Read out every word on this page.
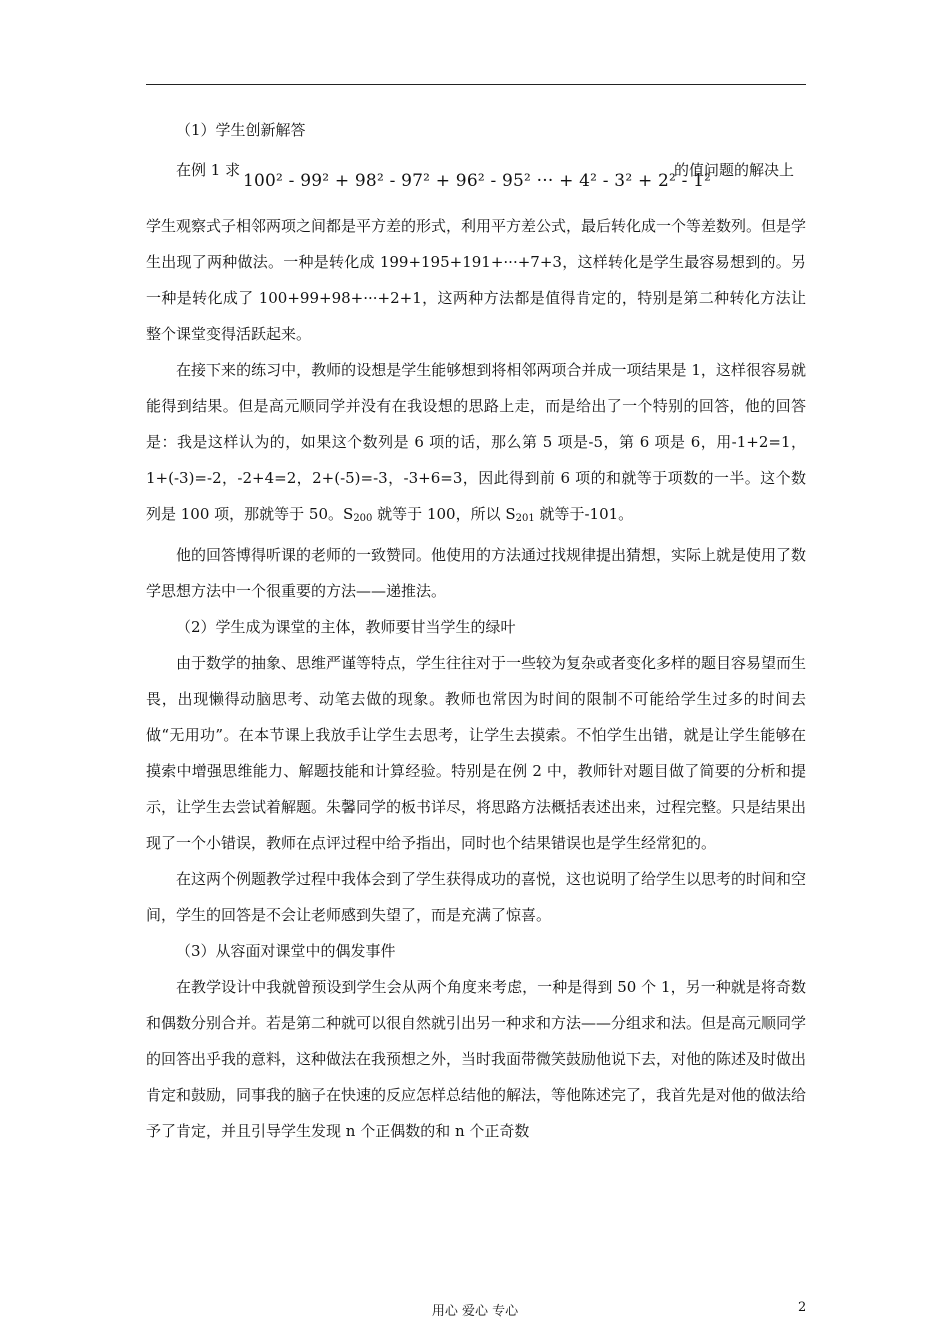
（1）学生创新解答

在例 1 求
100² - 99² + 98² - 97² + 96² - 95² ··· + 4² - 3² + 2² - 1²
的值问题的解决上

学生观察式子相邻两项之间都是平方差的形式，利用平方差公式，最后转化成一个等差数列。但是学生出现了两种做法。一种是转化成 199+195+191+···+7+3，这样转化是学生最容易想到的。另一种是转化成了 100+99+98+···+2+1，这两种方法都是值得肯定的，特别是第二种转化方法让整个课堂变得活跃起来。

在接下来的练习中，教师的设想是学生能够想到将相邻两项合并成一项结果是 1，这样很容易就能得到结果。但是高元顺同学并没有在我设想的思路上走，而是给出了一个特别的回答，他的回答是：我是这样认为的，如果这个数列是 6 项的话，那么第 5 项是-5，第 6 项是 6，用-1+2=1，1+(-3)=-2，-2+4=2，2+(-5)=-3，-3+6=3，因此得到前 6 项的和就等于项数的一半。这个数列是 100 项，那就等于 50。$S_{200}$ 就等于 100，所以 $S_{201}$ 就等于-101。

他的回答博得听课的老师的一致赞同。他使用的方法通过找规律提出猜想，实际上就是使用了数学思想方法中一个很重要的方法——递推法。

（2）学生成为课堂的主体，教师要甘当学生的绿叶

由于数学的抽象、思维严谨等特点，学生往往对于一些较为复杂或者变化多样的题目容易望而生畏，出现懒得动脑思考、动笔去做的现象。教师也常因为时间的限制不可能给学生过多的时间去做“无用功”。在本节课上我放手让学生去思考，让学生去摸索。不怕学生出错，就是让学生能够在摸索中增强思维能力、解题技能和计算经验。特别是在例 2 中，教师针对题目做了简要的分析和提示，让学生去尝试着解题。朱馨同学的板书详尽，将思路方法概括表述出来，过程完整。只是结果出现了一个小错误，教师在点评过程中给予指出，同时也个结果错误也是学生经常犯的。

在这两个例题教学过程中我体会到了学生获得成功的喜悦，这也说明了给学生以思考的时间和空间，学生的回答是不会让老师感到失望了，而是充满了惊喜。

（3）从容面对课堂中的偶发事件

在教学设计中我就曾预设到学生会从两个角度来考虑，一种是得到 50 个 1，另一种就是将奇数和偶数分别合并。若是第二种就可以很自然就引出另一种求和方法——分组求和法。但是高元顺同学的回答出乎我的意料，这种做法在我预想之外，当时我面带微笑鼓励他说下去，对他的陈述及时做出肯定和鼓励，同事我的脑子在快速的反应怎样总结他的解法，等他陈述完了，我首先是对他的做法给予了肯定，并且引导学生发现 n 个正偶数的和 n 个正奇数

用心 爱心 专心	2
